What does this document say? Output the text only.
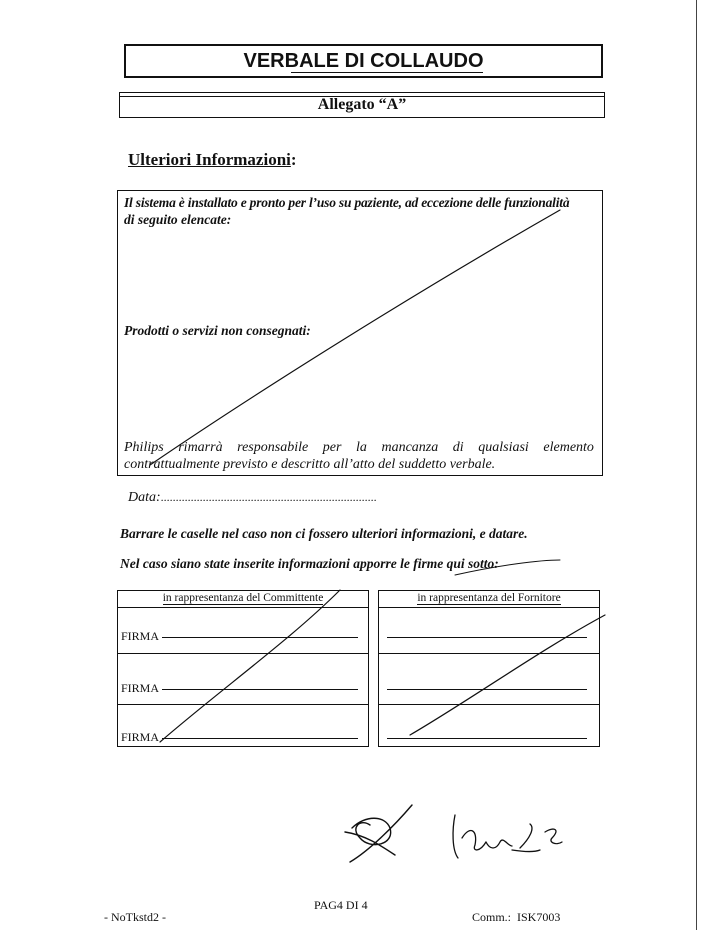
VERBALE DI COLLAUDO
Allegato “A”
Ulteriori Informazioni:
Il sistema è installato e pronto per l’uso su paziente, ad eccezione delle funzionalità
di seguito elencate:
Prodotti o servizi non consegnati:
Philips rimarrà responsabile per la mancanza di qualsiasi elemento
contrattualmente previsto e descritto all’atto del suddetto verbale.
Data:........................................................................
Barrare le caselle nel caso non ci fossero ulteriori informazioni, e datare.
Nel caso siano state inserite informazioni apporre le firme qui sotto:
in rappresentanza del Committente
FIRMA
FIRMA
FIRMA
in rappresentanza del Fornitore
PAG4 DI 4
- NoTkstd2 -	Comm.:  ISK7003
